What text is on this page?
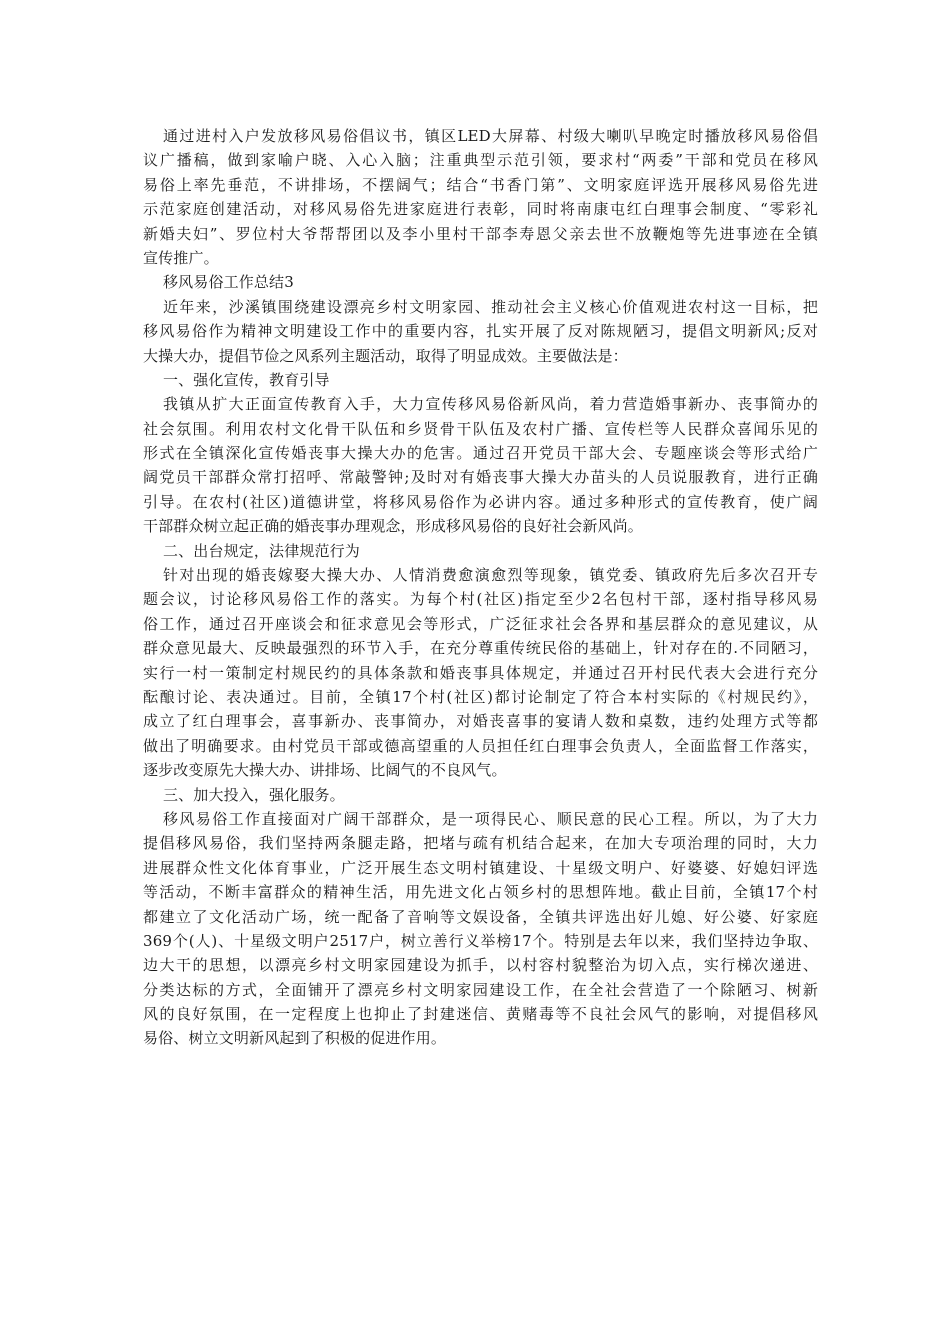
通过进村入户发放移风易俗倡议书，镇区LED大屏幕、村级大喇叭早晚定时播放移风易俗倡
议广播稿，做到家喻户晓、入心入脑；注重典型示范引领，要求村“两委”干部和党员在移风
易俗上率先垂范，不讲排场，不摆阔气；结合“书香门第”、文明家庭评选开展移风易俗先进
示范家庭创建活动，对移风易俗先进家庭进行表彰，同时将南康屯红白理事会制度、“零彩礼
新婚夫妇”、罗位村大爷帮帮团以及李小里村干部李寿恩父亲去世不放鞭炮等先进事迹在全镇
宣传推广。
移风易俗工作总结3
近年来，沙溪镇围绕建设漂亮乡村文明家园、推动社会主义核心价值观进农村这一目标，把
移风易俗作为精神文明建设工作中的重要内容，扎实开展了反对陈规陋习，提倡文明新风;反对
大操大办，提倡节俭之风系列主题活动，取得了明显成效。主要做法是：
一、强化宣传，教育引导
我镇从扩大正面宣传教育入手，大力宣传移风易俗新风尚，着力营造婚事新办、丧事简办的
社会氛围。利用农村文化骨干队伍和乡贤骨干队伍及农村广播、宣传栏等人民群众喜闻乐见的
形式在全镇深化宣传婚丧事大操大办的危害。通过召开党员干部大会、专题座谈会等形式给广
阔党员干部群众常打招呼、常敲警钟;及时对有婚丧事大操大办苗头的人员说服教育，进行正确
引导。在农村(社区)道德讲堂，将移风易俗作为必讲内容。通过多种形式的宣传教育，使广阔
干部群众树立起正确的婚丧事办理观念，形成移风易俗的良好社会新风尚。
二、出台规定，法律规范行为
针对出现的婚丧嫁娶大操大办、人情消费愈演愈烈等现象，镇党委、镇政府先后多次召开专
题会议，讨论移风易俗工作的落实。为每个村(社区)指定至少2名包村干部，逐村指导移风易
俗工作，通过召开座谈会和征求意见会等形式，广泛征求社会各界和基层群众的意见建议，从
群众意见最大、反映最强烈的环节入手，在充分尊重传统民俗的基础上，针对存在的.不同陋习，
实行一村一策制定村规民约的具体条款和婚丧事具体规定，并通过召开村民代表大会进行充分
酝酿讨论、表决通过。目前，全镇17个村(社区)都讨论制定了符合本村实际的《村规民约》，
成立了红白理事会，喜事新办、丧事简办，对婚丧喜事的宴请人数和桌数，违约处理方式等都
做出了明确要求。由村党员干部或德高望重的人员担任红白理事会负责人，全面监督工作落实，
逐步改变原先大操大办、讲排场、比阔气的不良风气。
三、加大投入，强化服务。
移风易俗工作直接面对广阔干部群众，是一项得民心、顺民意的民心工程。所以，为了大力
提倡移风易俗，我们坚持两条腿走路，把堵与疏有机结合起来，在加大专项治理的同时，大力
进展群众性文化体育事业，广泛开展生态文明村镇建设、十星级文明户、好婆婆、好媳妇评选
等活动，不断丰富群众的精神生活，用先进文化占领乡村的思想阵地。截止目前，全镇17个村
都建立了文化活动广场，统一配备了音响等文娱设备，全镇共评选出好儿媳、好公婆、好家庭
369个(人)、十星级文明户2517户，树立善行义举榜17个。特别是去年以来，我们坚持边争取、
边大干的思想，以漂亮乡村文明家园建设为抓手，以村容村貌整治为切入点，实行梯次递进、
分类达标的方式，全面铺开了漂亮乡村文明家园建设工作，在全社会营造了一个除陋习、树新
风的良好氛围，在一定程度上也抑止了封建迷信、黄赌毒等不良社会风气的影响，对提倡移风
易俗、树立文明新风起到了积极的促进作用。
